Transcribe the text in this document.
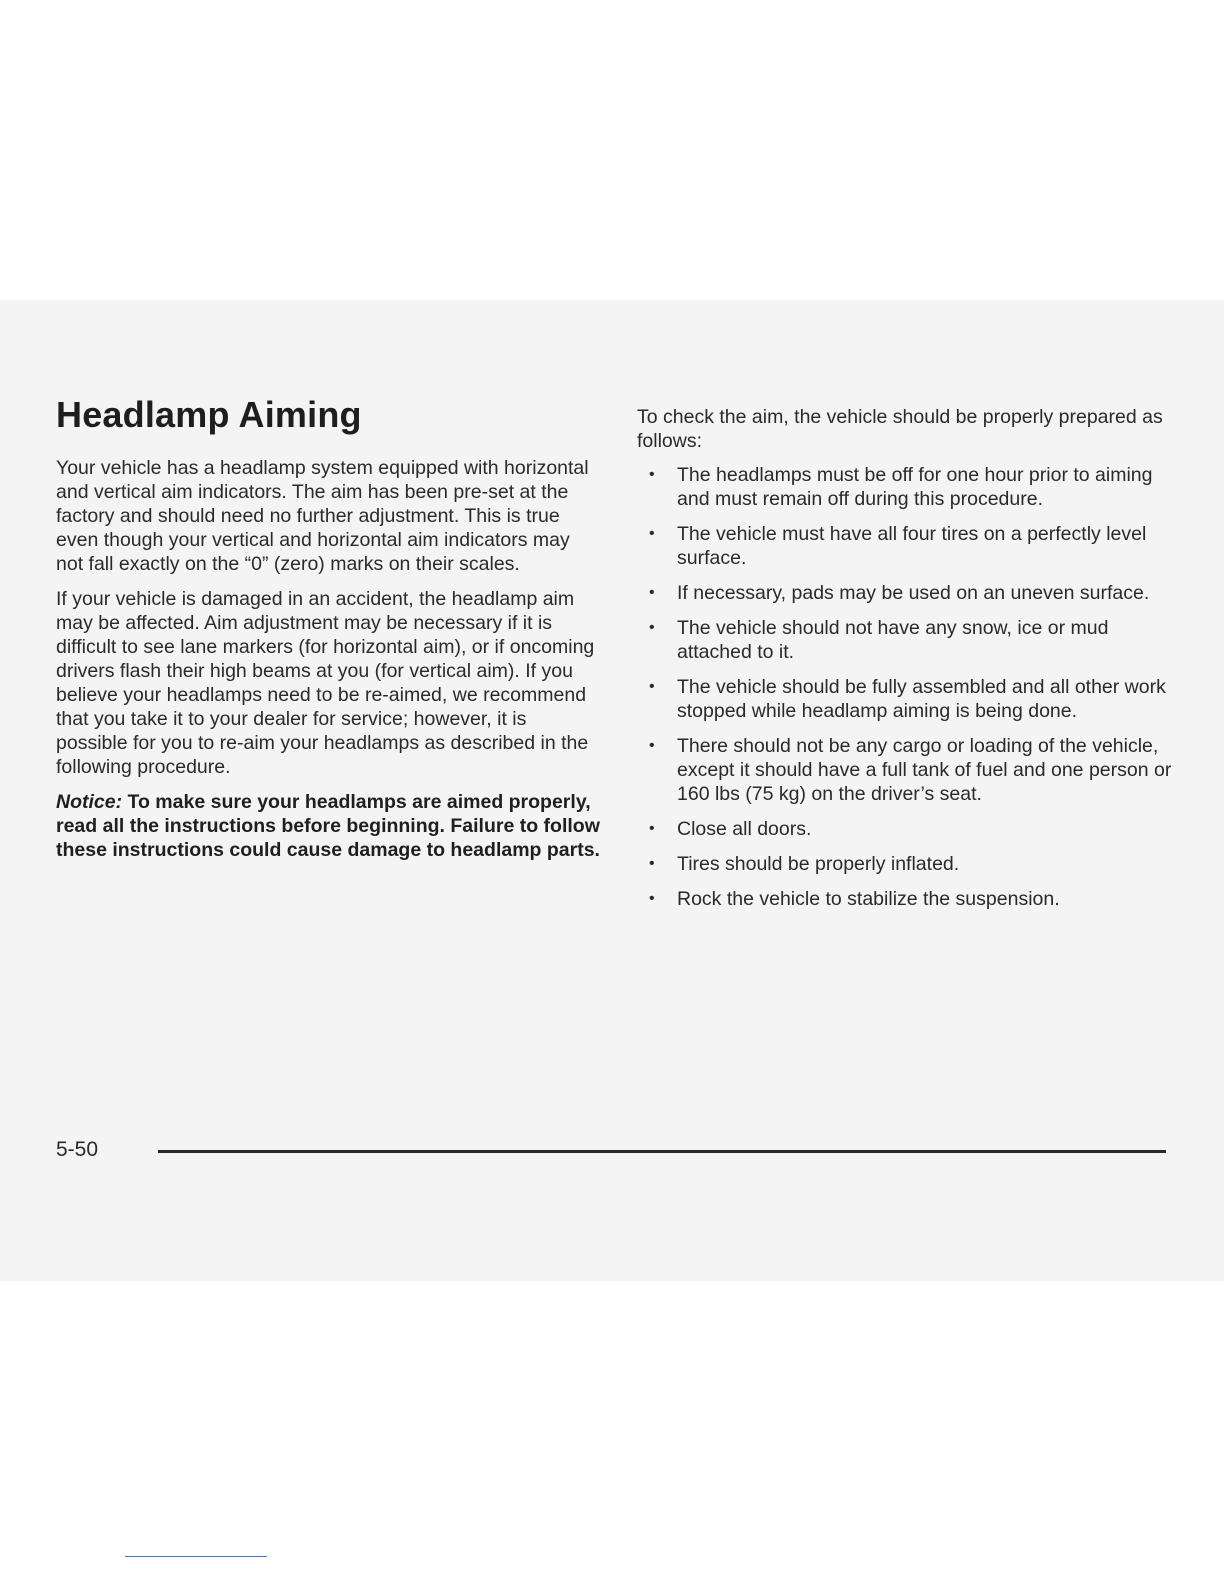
Headlamp Aiming

Your vehicle has a headlamp system equipped with horizontal and vertical aim indicators. The aim has been pre-set at the factory and should need no further adjustment. This is true even though your vertical and horizontal aim indicators may not fall exactly on the “0” (zero) marks on their scales.

If your vehicle is damaged in an accident, the headlamp aim may be affected. Aim adjustment may be necessary if it is difficult to see lane markers (for horizontal aim), or if oncoming drivers flash their high beams at you (for vertical aim). If you believe your headlamps need to be re-aimed, we recommend that you take it to your dealer for service; however, it is possible for you to re-aim your headlamps as described in the following procedure.

Notice: To make sure your headlamps are aimed properly, read all the instructions before beginning. Failure to follow these instructions could cause damage to headlamp parts.

To check the aim, the vehicle should be properly prepared as follows:

• The headlamps must be off for one hour prior to aiming and must remain off during this procedure.
• The vehicle must have all four tires on a perfectly level surface.
• If necessary, pads may be used on an uneven surface.
• The vehicle should not have any snow, ice or mud attached to it.
• The vehicle should be fully assembled and all other work stopped while headlamp aiming is being done.
• There should not be any cargo or loading of the vehicle, except it should have a full tank of fuel and one person or 160 lbs (75 kg) on the driver’s seat.
• Close all doors.
• Tires should be properly inflated.
• Rock the vehicle to stabilize the suspension.
5-50
